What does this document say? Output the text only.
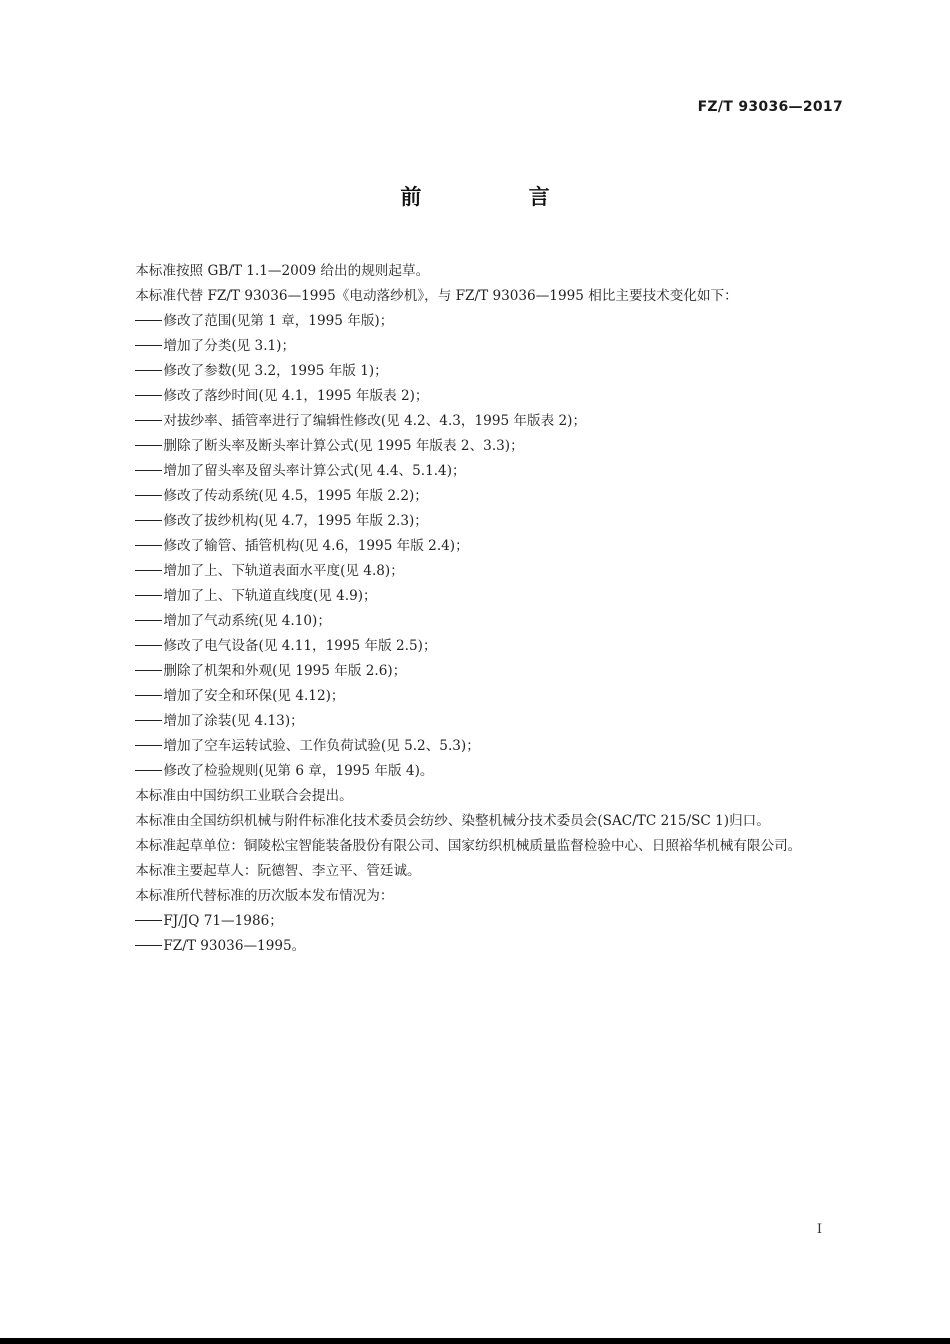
FZ/T 93036—2017
前 言

本标准按照 GB/T 1.1—2009 给出的规则起草。

本标准代替 FZ/T 93036—1995《电动落纱机》，与 FZ/T 93036—1995 相比主要技术变化如下：

修改了范围(见第 1 章，1995 年版)；

增加了分类(见 3.1)；

修改了参数(见 3.2，1995 年版 1)；

修改了落纱时间(见 4.1，1995 年版表 2)；

对拔纱率、插管率进行了编辑性修改(见 4.2、4.3，1995 年版表 2)；

删除了断头率及断头率计算公式(见 1995 年版表 2、3.3)；

增加了留头率及留头率计算公式(见 4.4、5.1.4)；

修改了传动系统(见 4.5，1995 年版 2.2)；

修改了拔纱机构(见 4.7，1995 年版 2.3)；

修改了输管、插管机构(见 4.6，1995 年版 2.4)；

增加了上、下轨道表面水平度(见 4.8)；

增加了上、下轨道直线度(见 4.9)；

增加了气动系统(见 4.10)；

修改了电气设备(见 4.11，1995 年版 2.5)；

删除了机架和外观(见 1995 年版 2.6)；

增加了安全和环保(见 4.12)；

增加了涂装(见 4.13)；

增加了空车运转试验、工作负荷试验(见 5.2、5.3)；

修改了检验规则(见第 6 章，1995 年版 4)。

本标准由中国纺织工业联合会提出。

本标准由全国纺织机械与附件标准化技术委员会纺纱、染整机械分技术委员会(SAC/TC 215/SC 1)归口。

本标准起草单位：铜陵松宝智能装备股份有限公司、国家纺织机械质量监督检验中心、日照裕华机械有限公司。

本标准主要起草人：阮德智、李立平、管廷诚。

本标准所代替标准的历次版本发布情况为：

FJ/JQ 71—1986；

FZ/T 93036—1995。

I
